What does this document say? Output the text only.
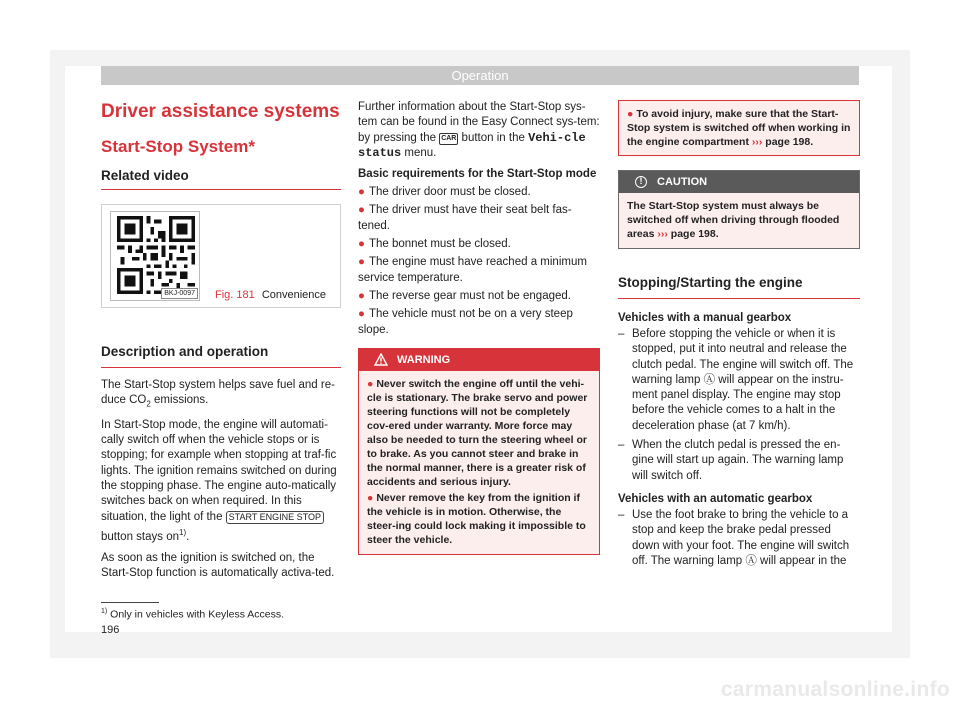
Operation
Driver assistance systems
Start-Stop System*
Related video
BKJ-0097 Fig. 181 Convenience
Description and operation
The Start-Stop system helps save fuel and re-duce $CO_2$ emissions.
In Start-Stop mode, the engine will automati-cally switch off when the vehicle stops or is stopping; for example when stopping at traf-fic lights. The ignition remains switched on during the stopping phase. The engine auto-matically switches back on when required. In this situation, the light of the START ENGINE STOP button stays $on^{1)}$.
As soon as the ignition is switched on, the Start-Stop function is automatically activa-ted.
Further information about the Start-Stop sys-tem can be found in the Easy Connect sys-tem: by pressing the CAR button in the Vehi-cle status menu.
Basic requirements for the Start-Stop mode
● The driver door must be closed.
● The driver must have their seat belt fas-tened.
● The bonnet must be closed.
● The engine must have reached a minimum service temperature.
● The reverse gear must not be engaged.
● The vehicle must not be on a very steep slope.
WARNING
● Never switch the engine off until the vehi-cle is stationary. The brake servo and power steering functions will not be completely cov-ered under warranty. More force may also be needed to turn the steering wheel or to brake. As you cannot steer and brake in the normal manner, there is a greater risk of accidents and serious injury.
● Never remove the key from the ignition if the vehicle is in motion. Otherwise, the steer-ing could lock making it impossible to steer the vehicle.
● To avoid injury, make sure that the Start-Stop system is switched off when working in the engine compartment ››› page 198.
!	CAUTION
The Start-Stop system must always be switched off when driving through flooded areas ››› page 198.
Stopping/Starting the engine
Vehicles with a manual gearbox
– Before stopping the vehicle or when it is stopped, put it into neutral and release the clutch pedal. The engine will switch off. The warning lamp Ⓐ will appear on the instru-ment panel display. The engine may stop before the vehicle comes to a halt in the deceleration phase (at 7 km/h).
– When the clutch pedal is pressed the en-gine will start up again. The warning lamp will switch off.
Vehicles with an automatic gearbox
– Use the foot brake to bring the vehicle to a stop and keep the brake pedal pressed down with your foot. The engine will switch off. The warning lamp Ⓐ will appear in the
$^{1)}$ Only in vehicles with Keyless Access.
196
carmanualsonline.info
